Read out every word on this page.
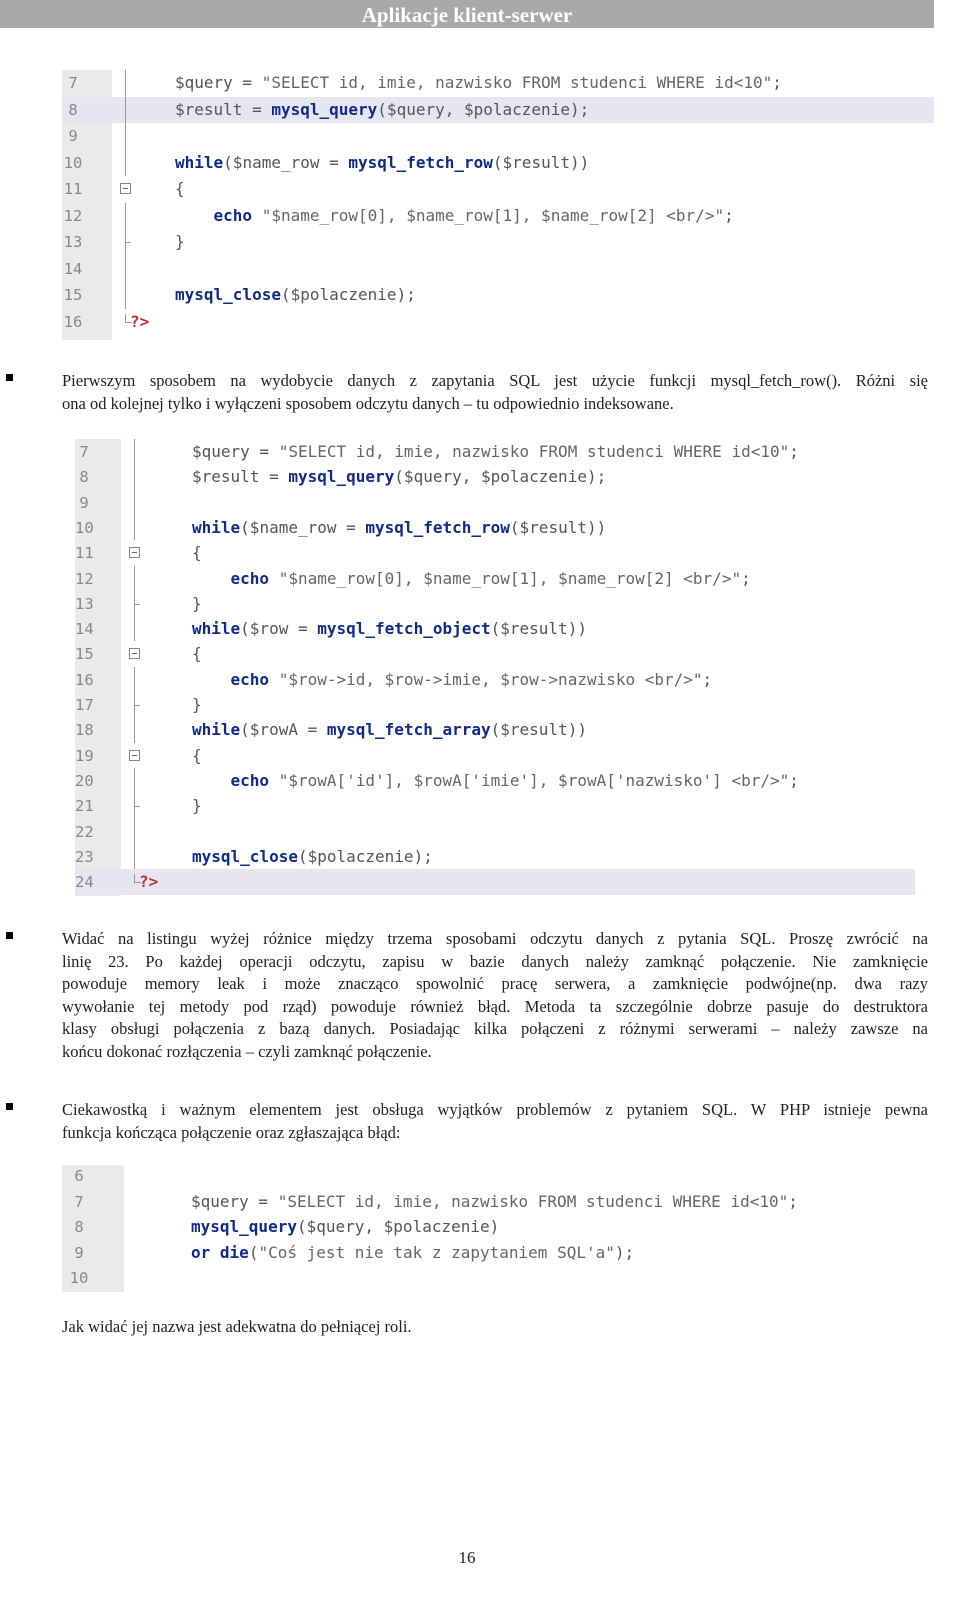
Aplikacje klient-serwer
7	$query = "SELECT id, imie, nazwisko FROM studenci WHERE id<10";
8	$result = mysql_query($query, $polaczenie);
9
10	while($name_row = mysql_fetch_row($result))
11	{
12	echo "$name_row[0], $name_row[1], $name_row[2] <br/>";
13	}
14
15	mysql_close($polaczenie);
16	?>
Pierwszym sposobem na wydobycie danych z zapytania SQL jest użycie funkcji mysql_fetch_row(). Różni się
ona od kolejnej tylko i wyłączeni sposobem odczytu danych – tu odpowiednio indeksowane.
7	$query = "SELECT id, imie, nazwisko FROM studenci WHERE id<10";
8	$result = mysql_query($query, $polaczenie);
9
10	while($name_row = mysql_fetch_row($result))
11	{
12	echo "$name_row[0], $name_row[1], $name_row[2] <br/>";
13	}
14	while($row = mysql_fetch_object($result))
15	{
16	echo "$row->id, $row->imie, $row->nazwisko <br/>";
17	}
18	while($rowA = mysql_fetch_array($result))
19	{
20	echo "$rowA['id'], $rowA['imie'], $rowA['nazwisko'] <br/>";
21	}
22
23	mysql_close($polaczenie);
24	?>
Widać na listingu wyżej różnice między trzema sposobami odczytu danych z pytania SQL. Proszę zwrócić na
linię 23. Po każdej operacji odczytu, zapisu w bazie danych należy zamknąć połączenie. Nie zamknięcie
powoduje memory leak i może znacząco spowolnić pracę serwera, a zamknięcie podwójne(np. dwa razy
wywołanie tej metody pod rząd) powoduje również błąd. Metoda ta szczególnie dobrze pasuje do destruktora
klasy obsługi połączenia z bazą danych. Posiadając kilka połączeni z różnymi serwerami – należy zawsze na
końcu dokonać rozłączenia – czyli zamknąć połączenie.
Ciekawostką i ważnym elementem jest obsługa wyjątków problemów z pytaniem SQL. W PHP istnieje pewna
funkcja kończąca połączenie oraz zgłaszająca błąd:
6
7	$query = "SELECT id, imie, nazwisko FROM studenci WHERE id<10";
8	mysql_query($query, $polaczenie)
9	or die("Coś jest nie tak z zapytaniem SQL'a");
10
Jak widać jej nazwa jest adekwatna do pełniącej roli.
16
